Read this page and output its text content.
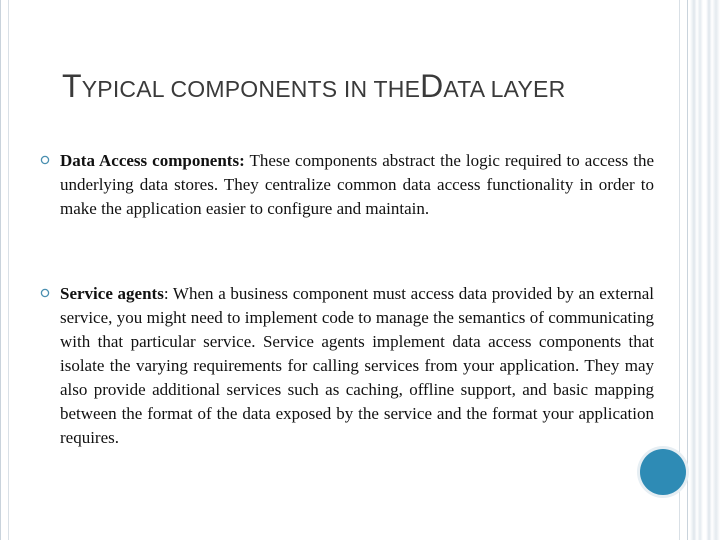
TYPICAL COMPONENTS IN THEDATA LAYER
Data Access components: These components abstract the logic required to access the underlying data stores. They centralize common data access functionality in order to make the application easier to configure and maintain.
Service agents: When a business component must access data provided by an external service, you might need to implement code to manage the semantics of communicating with that particular service. Service agents implement data access components that isolate the varying requirements for calling services from your application. They may also provide additional services such as caching, offline support, and basic mapping between the format of the data exposed by the service and the format your application requires.
